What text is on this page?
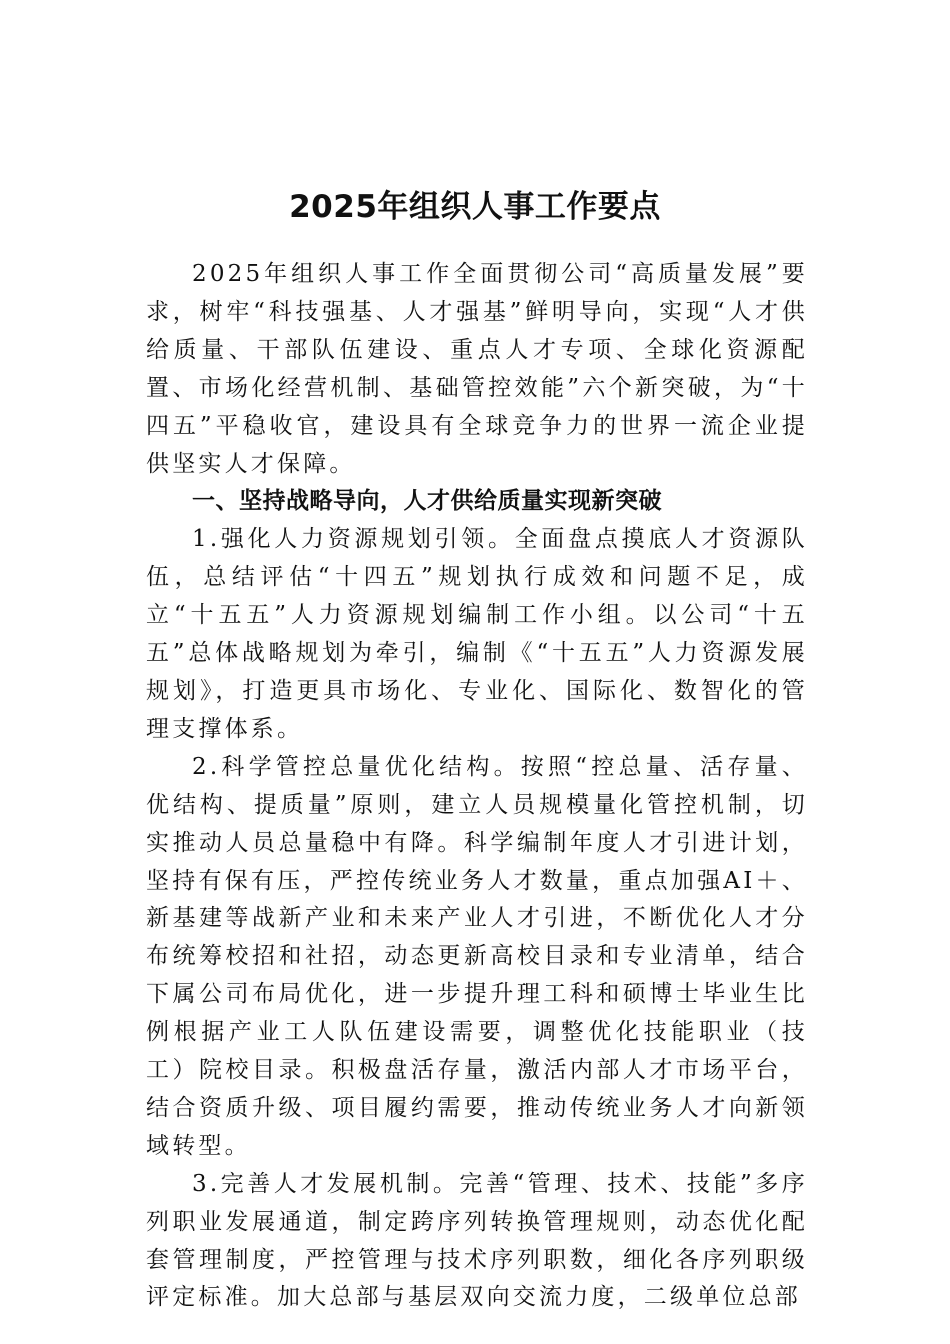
2025年组织人事工作要点

2025年组织人事工作全面贯彻公司“高质量发展”要求，树牢“科技强基、人才强基”鲜明导向，实现“人才供给质量、干部队伍建设、重点人才专项、全球化资源配置、市场化经营机制、基础管控效能”六个新突破，为“十四五”平稳收官，建设具有全球竞争力的世界一流企业提供坚实人才保障。

一、坚持战略导向，人才供给质量实现新突破

1.强化人力资源规划引领。全面盘点摸底人才资源队伍，总结评估“十四五”规划执行成效和问题不足，成立“十五五”人力资源规划编制工作小组。以公司“十五五”总体战略规划为牵引，编制《“十五五”人力资源发展规划》，打造更具市场化、专业化、国际化、数智化的管理支撑体系。

2.科学管控总量优化结构。按照“控总量、活存量、优结构、提质量”原则，建立人员规模量化管控机制，切实推动人员总量稳中有降。科学编制年度人才引进计划，坚持有保有压，严控传统业务人才数量，重点加强AI＋、新基建等战新产业和未来产业人才引进，不断优化人才分布统筹校招和社招，动态更新高校目录和专业清单，结合下属公司布局优化，进一步提升理工科和硕博士毕业生比例根据产业工人队伍建设需要，调整优化技能职业（技工）院校目录。积极盘活存量，激活内部人才市场平台，结合资质升级、项目履约需要，推动传统业务人才向新领域转型。

3.完善人才发展机制。完善“管理、技术、技能”多序列职业发展通道，制定跨序列转换管理规则，动态优化配套管理制度，严控管理与技术序列职数，细化各序列职级评定标准。加大总部与基层双向交流力度，二级单位总部
